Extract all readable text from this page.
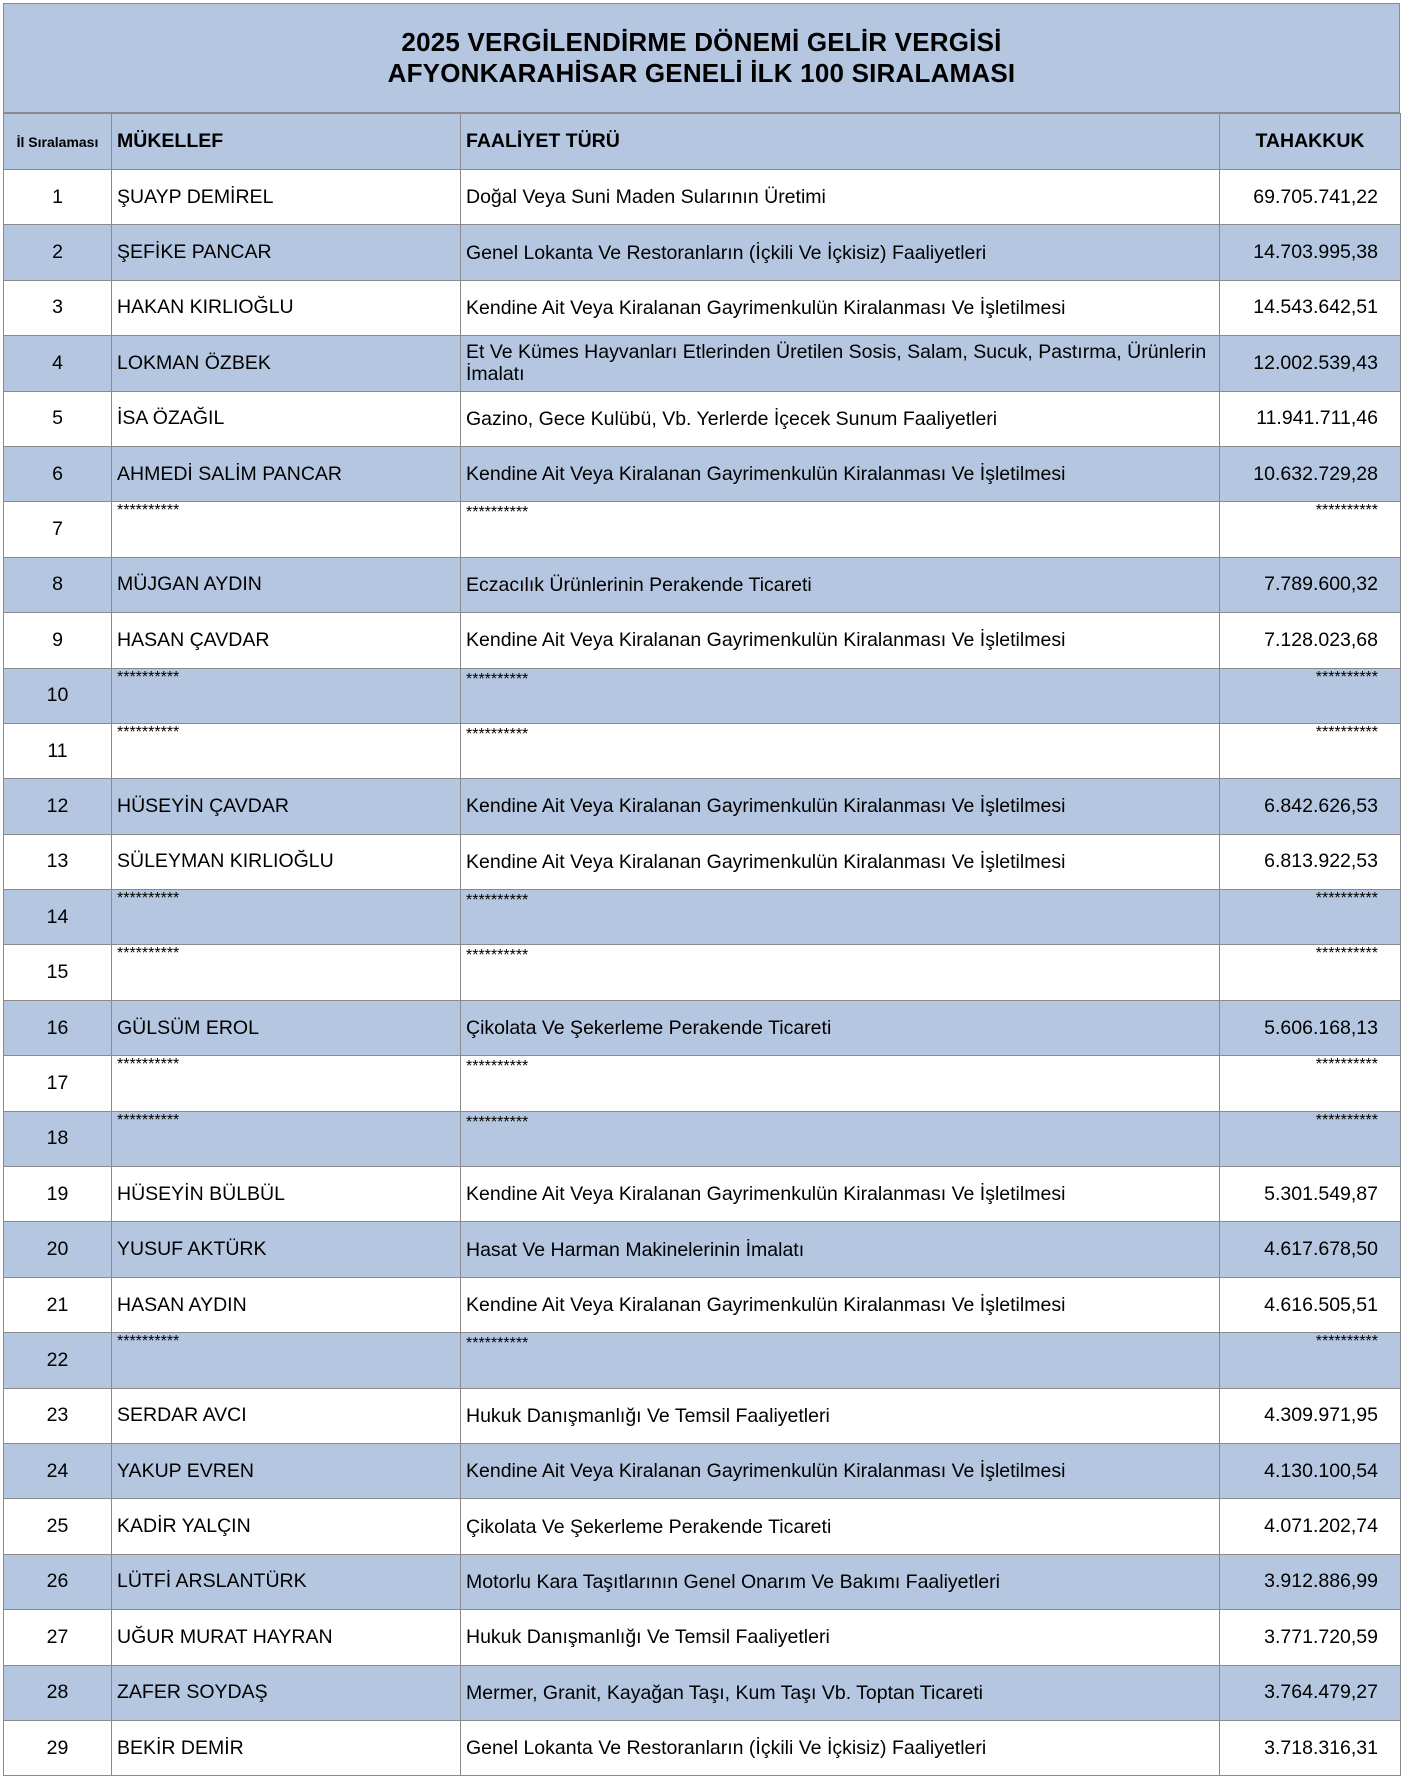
2025 VERGİLENDİRME DÖNEMİ GELİR VERGİSİ
AFYONKARAHİSAR GENELİ İLK 100 SIRALAMASI
İl Sıralaması	MÜKELLEF	FAALİYET TÜRÜ	TAHAKKUK
1	ŞUAYP DEMİREL	Doğal Veya Suni Maden Sularının Üretimi	69.705.741,22
2	ŞEFİKE PANCAR	Genel Lokanta Ve Restoranların (İçkili Ve İçkisiz) Faaliyetleri	14.703.995,38
3	HAKAN KIRLIOĞLU	Kendine Ait Veya Kiralanan Gayrimenkulün Kiralanması Ve İşletilmesi	14.543.642,51
4	LOKMAN ÖZBEK	Et Ve Kümes Hayvanları Etlerinden Üretilen Sosis, Salam, Sucuk, Pastırma, Ürünlerin İmalatı	12.002.539,43
5	İSA ÖZAĞIL	Gazino, Gece Kulübü, Vb. Yerlerde İçecek Sunum Faaliyetleri	11.941.711,46
6	AHMEDİ SALİM PANCAR	Kendine Ait Veya Kiralanan Gayrimenkulün Kiralanması Ve İşletilmesi	10.632.729,28
7	**********	**********	**********
8	MÜJGAN AYDIN	Eczacılık Ürünlerinin Perakende Ticareti	7.789.600,32
9	HASAN ÇAVDAR	Kendine Ait Veya Kiralanan Gayrimenkulün Kiralanması Ve İşletilmesi	7.128.023,68
10	**********	**********	**********
11	**********	**********	**********
12	HÜSEYİN ÇAVDAR	Kendine Ait Veya Kiralanan Gayrimenkulün Kiralanması Ve İşletilmesi	6.842.626,53
13	SÜLEYMAN KIRLIOĞLU	Kendine Ait Veya Kiralanan Gayrimenkulün Kiralanması Ve İşletilmesi	6.813.922,53
14	**********	**********	**********
15	**********	**********	**********
16	GÜLSÜM EROL	Çikolata Ve Şekerleme Perakende Ticareti	5.606.168,13
17	**********	**********	**********
18	**********	**********	**********
19	HÜSEYİN BÜLBÜL	Kendine Ait Veya Kiralanan Gayrimenkulün Kiralanması Ve İşletilmesi	5.301.549,87
20	YUSUF AKTÜRK	Hasat Ve Harman Makinelerinin İmalatı	4.617.678,50
21	HASAN AYDIN	Kendine Ait Veya Kiralanan Gayrimenkulün Kiralanması Ve İşletilmesi	4.616.505,51
22	**********	**********	**********
23	SERDAR AVCI	Hukuk Danışmanlığı Ve Temsil Faaliyetleri	4.309.971,95
24	YAKUP EVREN	Kendine Ait Veya Kiralanan Gayrimenkulün Kiralanması Ve İşletilmesi	4.130.100,54
25	KADİR YALÇIN	Çikolata Ve Şekerleme Perakende Ticareti	4.071.202,74
26	LÜTFİ ARSLANTÜRK	Motorlu Kara Taşıtlarının Genel Onarım Ve Bakımı Faaliyetleri	3.912.886,99
27	UĞUR MURAT HAYRAN	Hukuk Danışmanlığı Ve Temsil Faaliyetleri	3.771.720,59
28	ZAFER SOYDAŞ	Mermer, Granit, Kayağan Taşı, Kum Taşı Vb. Toptan Ticareti	3.764.479,27
29	BEKİR DEMİR	Genel Lokanta Ve Restoranların (İçkili Ve İçkisiz) Faaliyetleri	3.718.316,31
